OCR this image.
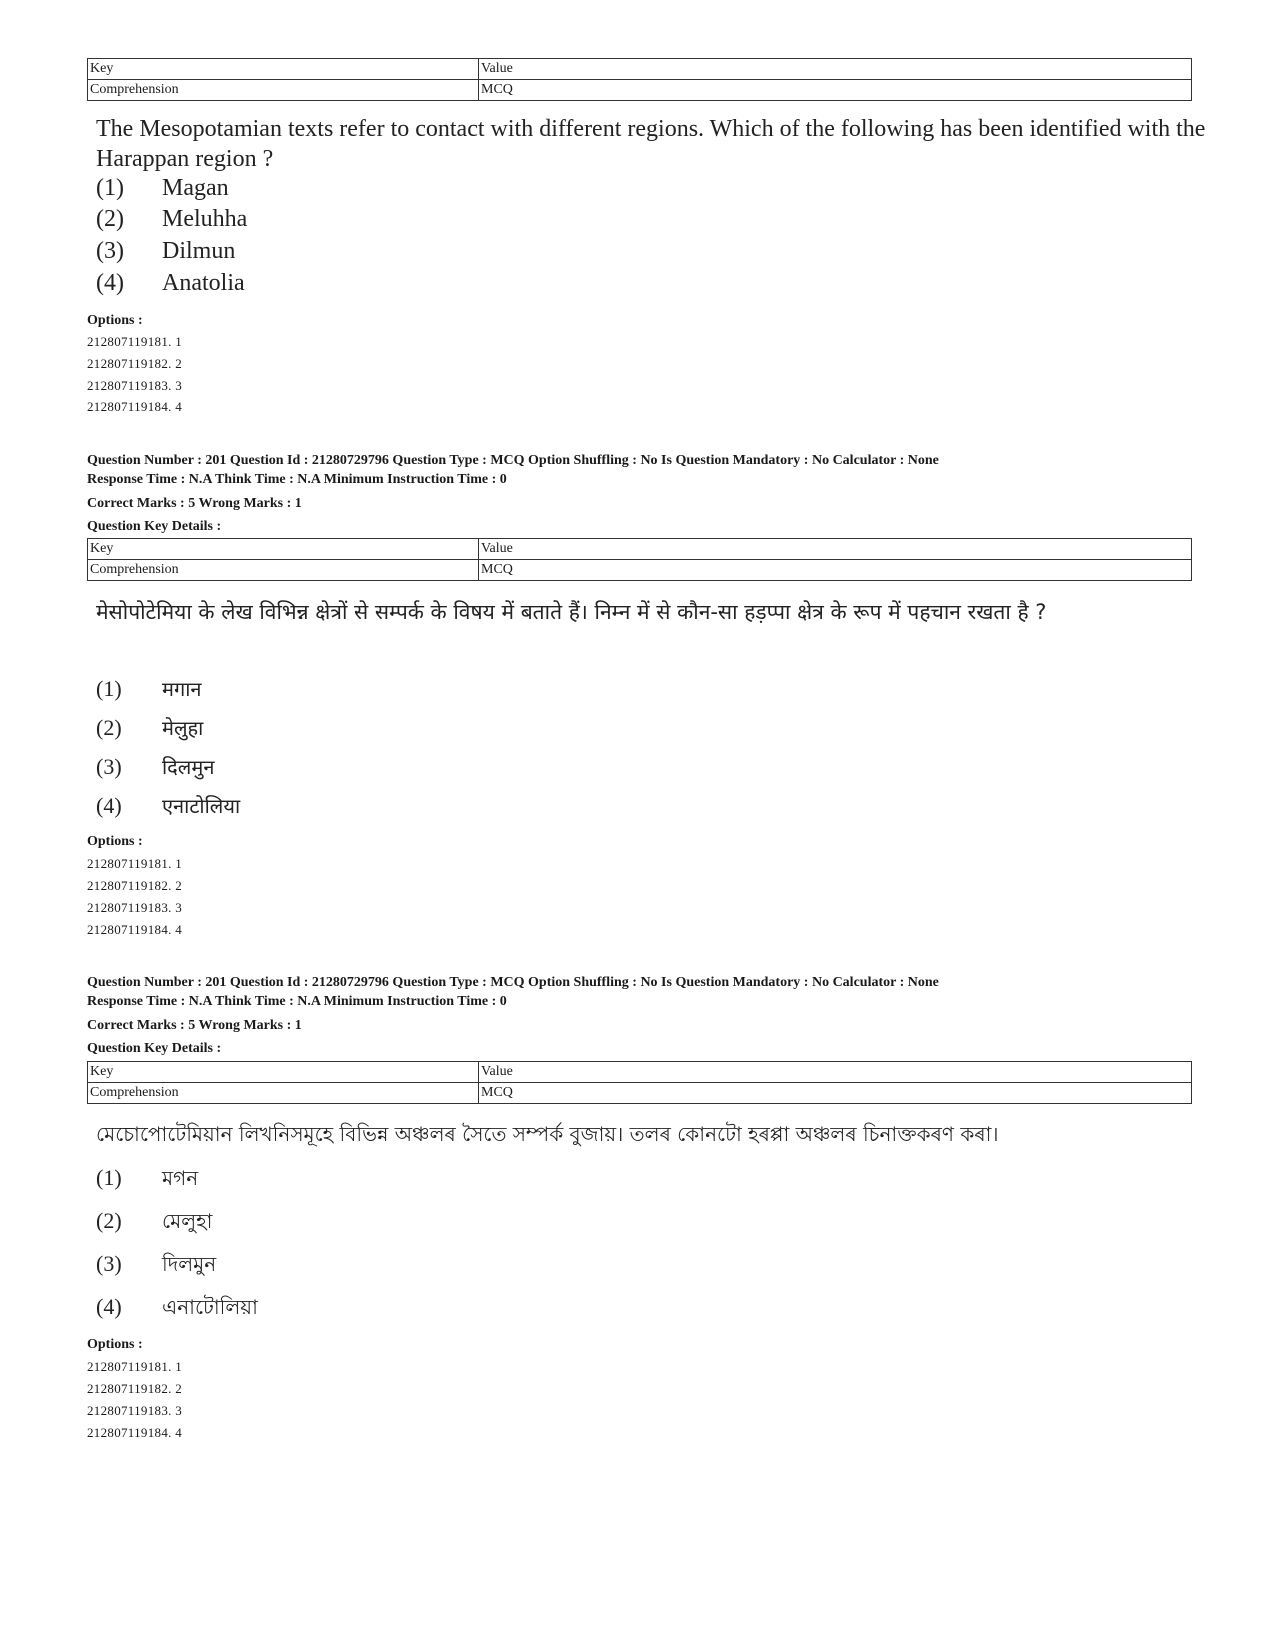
Key	Value
Comprehension	MCQ
The Mesopotamian texts refer to contact with different regions. Which of the following has been identified with the Harappan region ?
(1) Magan
(2) Meluhha
(3) Dilmun
(4) Anatolia
Options :
212807119181. 1
212807119182. 2
212807119183. 3
212807119184. 4
Question Number : 201 Question Id : 21280729796 Question Type : MCQ Option Shuffling : No Is Question Mandatory : No Calculator : None
Response Time : N.A Think Time : N.A Minimum Instruction Time : 0
Correct Marks : 5 Wrong Marks : 1
Question Key Details :
Key	Value
Comprehension	MCQ
मेसोपोटेमिया के लेख विभिन्न क्षेत्रों से सम्पर्क के विषय में बताते हैं। निम्न में से कौन-सा हड़प्पा क्षेत्र के रूप में पहचान रखता है ?
(1) मगान
(2) मेलुहा
(3) दिलमुन
(4) एनाटोलिया
Options :
212807119181. 1
212807119182. 2
212807119183. 3
212807119184. 4
Question Number : 201 Question Id : 21280729796 Question Type : MCQ Option Shuffling : No Is Question Mandatory : No Calculator : None
Response Time : N.A Think Time : N.A Minimum Instruction Time : 0
Correct Marks : 5 Wrong Marks : 1
Question Key Details :
Key	Value
Comprehension	MCQ
মেচোপোটেমিয়ান লিখনিসমূহে বিভিন্ন অঞ্চলৰ সৈতে সম্পৰ্ক বুজায়। তলৰ কোনটো হৰপ্পা অঞ্চলৰ চিনাক্তকৰণ কৰা।
(1) মগন
(2) মেলুহা
(3) দিলমুন
(4) এনাটোলিয়া
Options :
212807119181. 1
212807119182. 2
212807119183. 3
212807119184. 4
